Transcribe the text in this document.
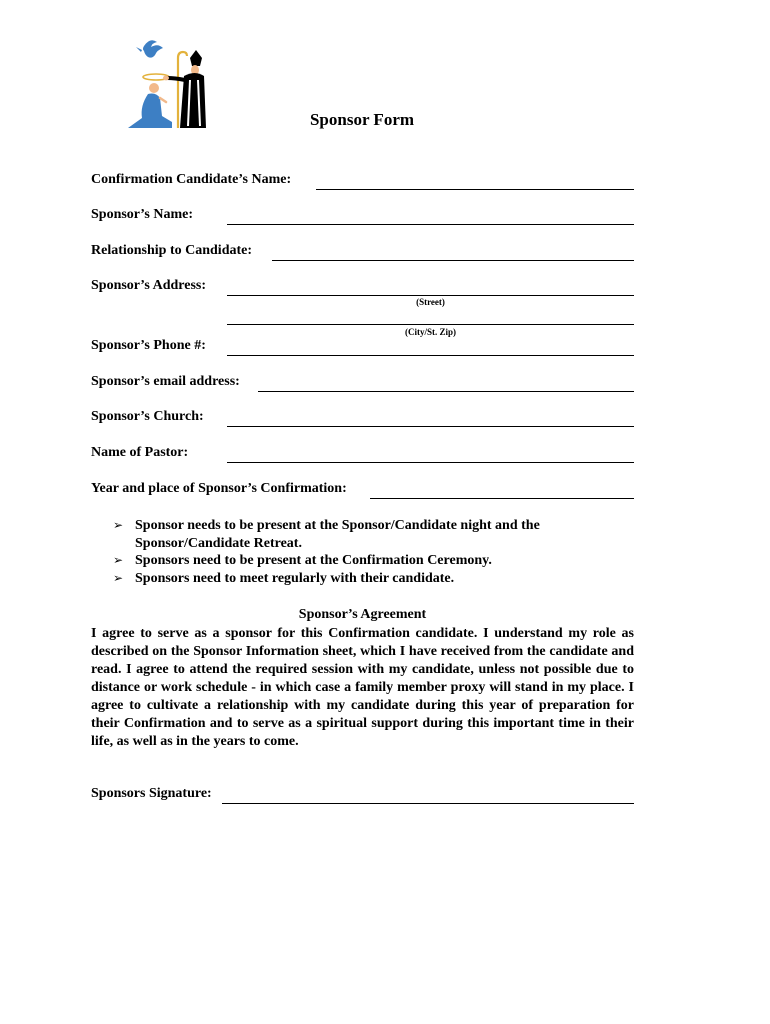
Sponsor Form
Confirmation Candidate’s Name:
Sponsor’s Name:
Relationship to Candidate:
Sponsor’s Address:
(Street)
(City/St. Zip)
Sponsor’s Phone #:
Sponsor’s email address:
Sponsor’s Church:
Name of Pastor:
Year and place of Sponsor’s Confirmation:
➢ Sponsor needs to be present at the Sponsor/Candidate night and the Sponsor/Candidate Retreat.
➢ Sponsors need to be present at the Confirmation Ceremony.
➢ Sponsors need to meet regularly with their candidate.
Sponsor’s Agreement

I agree to serve as a sponsor for this Confirmation candidate. I understand my role as described on the Sponsor Information sheet, which I have received from the candidate and read. I agree to attend the required session with my candidate, unless not possible due to distance or work schedule - in which case a family member proxy will stand in my place. I agree to cultivate a relationship with my candidate during this year of preparation for their Confirmation and to serve as a spiritual support during this important time in their life, as well as in the years to come.

Sponsors Signature:
